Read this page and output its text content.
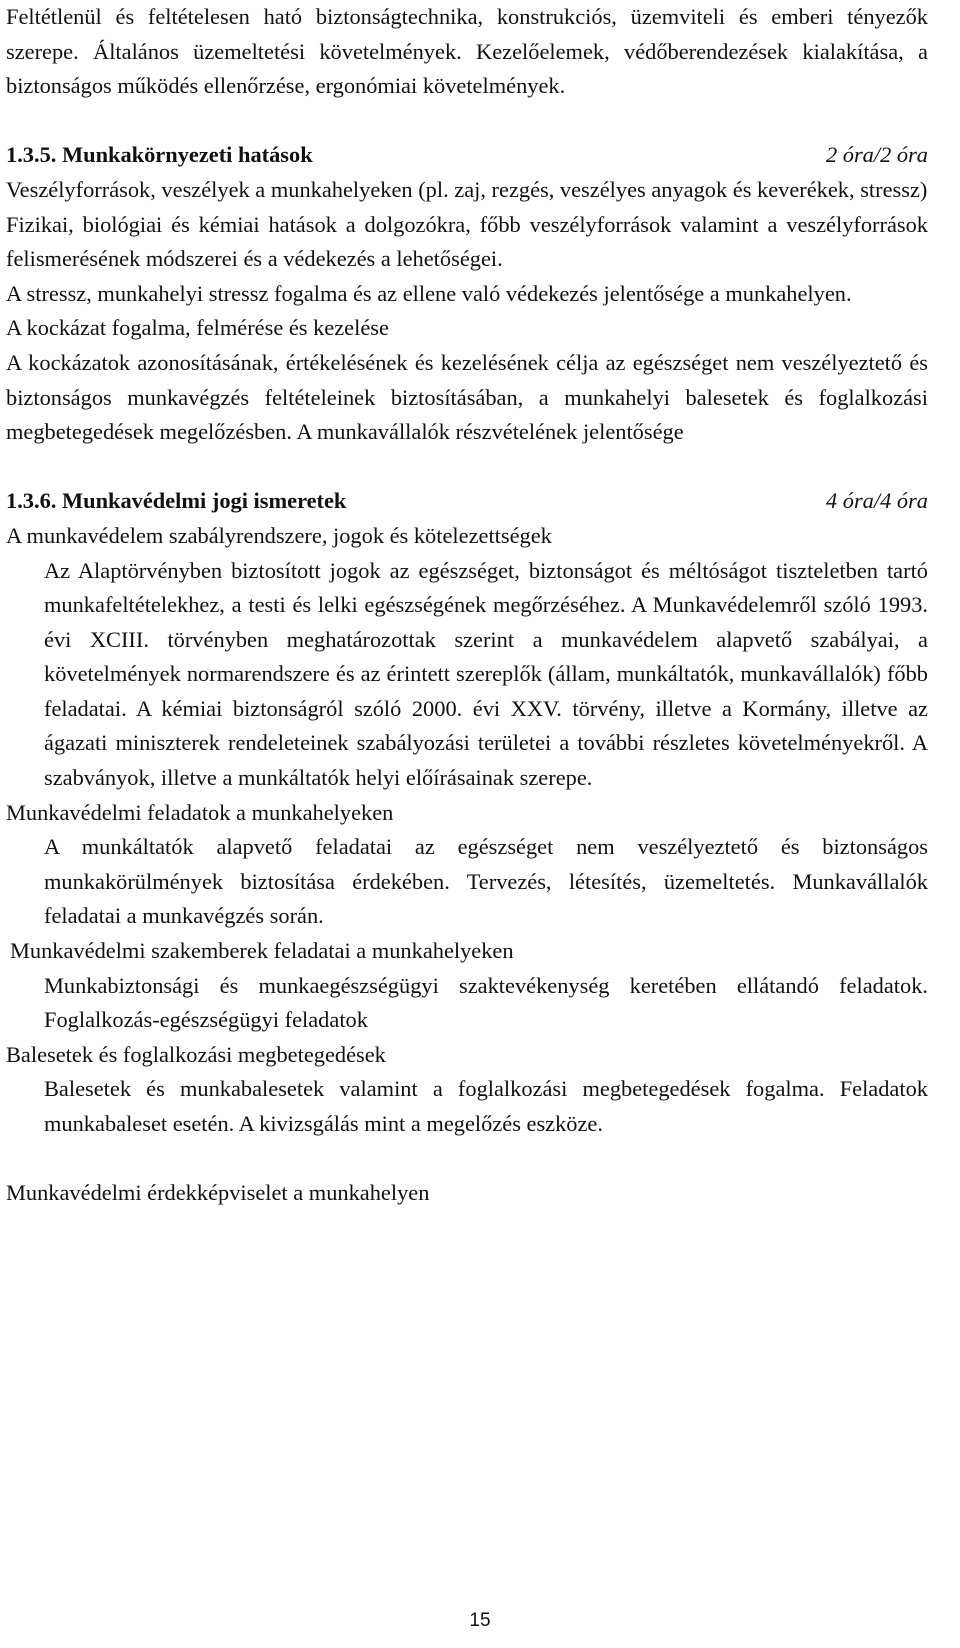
Feltétlenül és feltételesen ható biztonságtechnika, konstrukciós, üzemviteli és emberi tényezők szerepe. Általános üzemeltetési követelmények. Kezelőelemek, védőberendezések kialakítása, a biztonságos működés ellenőrzése, ergonómiai követelmények.

1.3.5. Munkakörnyezeti hatások	2 óra/2 óra

Veszélyforrások, veszélyek a munkahelyeken (pl. zaj, rezgés, veszélyes anyagok és keverékek, stressz)

Fizikai, biológiai és kémiai hatások a dolgozókra, főbb veszélyforrások valamint a veszélyforrások felismerésének módszerei és a védekezés a lehetőségei.

A stressz, munkahelyi stressz fogalma és az ellene való védekezés jelentősége a munkahelyen.

A kockázat fogalma, felmérése és kezelése

A kockázatok azonosításának, értékelésének és kezelésének célja az egészséget nem veszélyeztető és biztonságos munkavégzés feltételeinek biztosításában, a munkahelyi balesetek és foglalkozási megbetegedések megelőzésben. A munkavállalók részvételének jelentősége

1.3.6. Munkavédelmi jogi ismeretek	4 óra/4 óra

A munkavédelem szabályrendszere, jogok és kötelezettségek

Az Alaptörvényben biztosított jogok az egészséget, biztonságot és méltóságot tiszteletben tartó munkafeltételekhez, a testi és lelki egészségének megőrzéséhez. A Munkavédelemről szóló 1993. évi XCIII. törvényben meghatározottak szerint a munkavédelem alapvető szabályai, a követelmények normarendszere és az érintett szereplők (állam, munkáltatók, munkavállalók) főbb feladatai. A kémiai biztonságról szóló 2000. évi XXV. törvény, illetve a Kormány, illetve az ágazati miniszterek rendeleteinek szabályozási területei a további részletes követelményekről. A szabványok, illetve a munkáltatók helyi előírásainak szerepe.

Munkavédelmi feladatok a munkahelyeken

A munkáltatók alapvető feladatai az egészséget nem veszélyeztető és biztonságos munkakörülmények biztosítása érdekében. Tervezés, létesítés, üzemeltetés. Munkavállalók feladatai a munkavégzés során.

Munkavédelmi szakemberek feladatai a munkahelyeken

Munkabiztonsági és munkaegészségügyi szaktevékenység keretében ellátandó feladatok. Foglalkozás-egészségügyi feladatok

Balesetek és foglalkozási megbetegedések

Balesetek és munkabalesetek valamint a foglalkozási megbetegedések fogalma. Feladatok munkabaleset esetén. A kivizsgálás mint a megelőzés eszköze.

Munkavédelmi érdekképviselet a munkahelyen

15
